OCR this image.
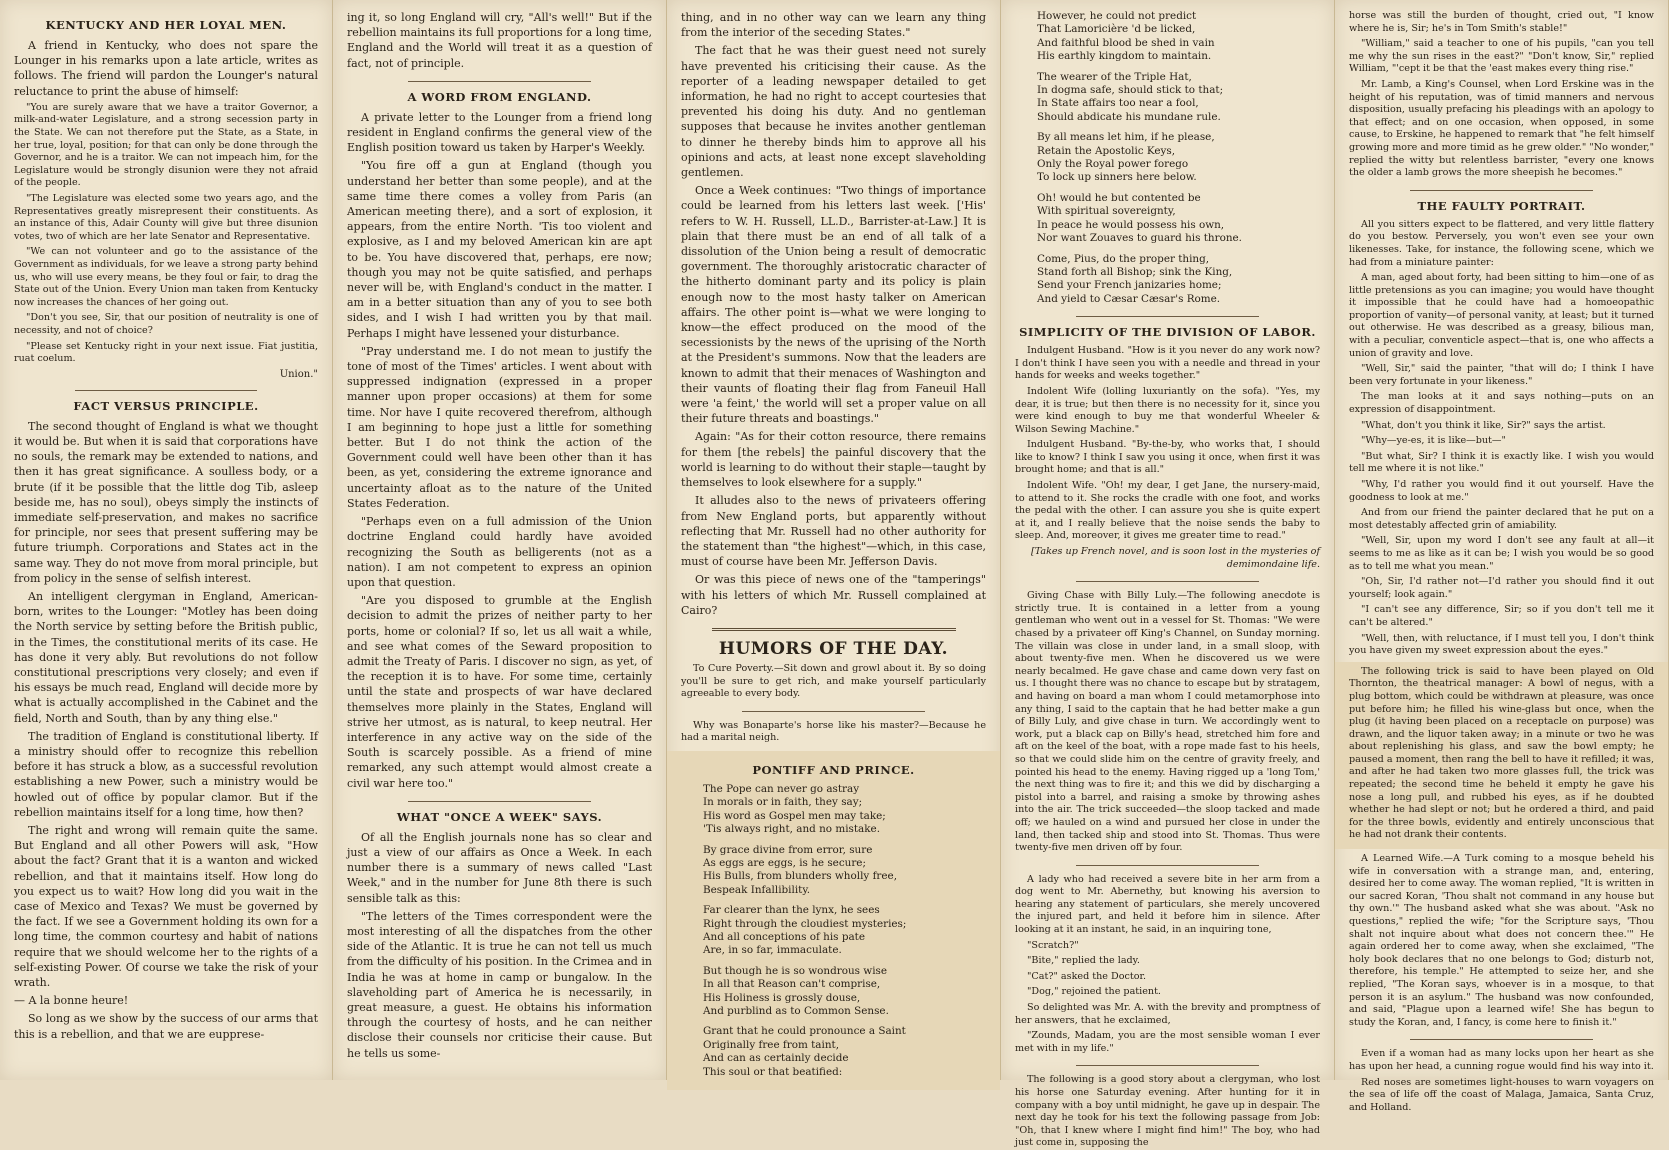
KENTUCKY AND HER LOYAL MEN.

A friend in Kentucky, who does not spare the Lounger in his remarks upon a late article, writes as follows. The friend will pardon the Lounger's natural reluctance to print the abuse of himself:

"You are surely aware that we have a traitor Governor, a milk-and-water Legislature, and a strong secession party in the State. We can not therefore put the State, as a State, in her true, loyal, position; for that can only be done through the Governor, and he is a traitor. We can not impeach him, for the Legislature would be strongly disunion were they not afraid of the people.

"The Legislature was elected some two years ago, and the Representatives greatly misrepresent their constituents. As an instance of this, Adair County will give but three disunion votes, two of which are her late Senator and Representative.

"We can not volunteer and go to the assistance of the Government as individuals, for we leave a strong party behind us, who will use every means, be they foul or fair, to drag the State out of the Union. Every Union man taken from Kentucky now increases the chances of her going out.

"Don't you see, Sir, that our position of neutrality is one of necessity, and not of choice?

"Please set Kentucky right in your next issue. Fiat justitia, ruat coelum.

Union."
FACT VERSUS PRINCIPLE.

The second thought of England is what we thought it would be. But when it is said that corporations have no souls, the remark may be extended to nations, and then it has great significance. A soulless body, or a brute (if it be possible that the little dog Tib, asleep beside me, has no soul), obeys simply the instincts of immediate self-preservation, and makes no sacrifice for principle, nor sees that present suffering may be future triumph. Corporations and States act in the same way. They do not move from moral principle, but from policy in the sense of selfish interest.

An intelligent clergyman in England, American-born, writes to the Lounger: "Motley has been doing the North service by setting before the British public, in the Times, the constitutional merits of its case. He has done it very ably. But revolutions do not follow constitutional prescriptions very closely; and even if his essays be much read, England will decide more by what is actually accomplished in the Cabinet and the field, North and South, than by any thing else."

The tradition of England is constitutional liberty. If a ministry should offer to recognize this rebellion before it has struck a blow, as a successful revolution establishing a new Power, such a ministry would be howled out of office by popular clamor. But if the rebellion maintains itself for a long time, how then?

The right and wrong will remain quite the same. But England and all other Powers will ask, "How about the fact? Grant that it is a wanton and wicked rebellion, and that it maintains itself. How long do you expect us to wait? How long did you wait in the case of Mexico and Texas? We must be governed by the fact. If we see a Government holding its own for a long time, the common courtesy and habit of nations require that we should welcome her to the rights of a self-existing Power. Of course we take the risk of your wrath.

— A la bonne heure!

So long as we show by the success of our arms that this is a rebellion, and that we are eupprese-

ing it, so long England will cry, "All's well!" But if the rebellion maintains its full proportions for a long time, England and the World will treat it as a question of fact, not of principle.

A WORD FROM ENGLAND.

A private letter to the Lounger from a friend long resident in England confirms the general view of the English position toward us taken by Harper's Weekly.

"You fire off a gun at England (though you understand her better than some people), and at the same time there comes a volley from Paris (an American meeting there), and a sort of explosion, it appears, from the entire North. 'Tis too violent and explosive, as I and my beloved American kin are apt to be. You have discovered that, perhaps, ere now; though you may not be quite satisfied, and perhaps never will be, with England's conduct in the matter. I am in a better situation than any of you to see both sides, and I wish I had written you by that mail. Perhaps I might have lessened your disturbance.

"Pray understand me. I do not mean to justify the tone of most of the Times' articles. I went about with suppressed indignation (expressed in a proper manner upon proper occasions) at them for some time. Nor have I quite recovered therefrom, although I am beginning to hope just a little for something better. But I do not think the action of the Government could well have been other than it has been, as yet, considering the extreme ignorance and uncertainty afloat as to the nature of the United States Federation.

"Perhaps even on a full admission of the Union doctrine England could hardly have avoided recognizing the South as belligerents (not as a nation). I am not competent to express an opinion upon that question.

"Are you disposed to grumble at the English decision to admit the prizes of neither party to her ports, home or colonial? If so, let us all wait a while, and see what comes of the Seward proposition to admit the Treaty of Paris. I discover no sign, as yet, of the reception it is to have. For some time, certainly until the state and prospects of war have declared themselves more plainly in the States, England will strive her utmost, as is natural, to keep neutral. Her interference in any active way on the side of the South is scarcely possible. As a friend of mine remarked, any such attempt would almost create a civil war here too."

WHAT "ONCE A WEEK" SAYS.

Of all the English journals none has so clear and just a view of our affairs as Once a Week. In each number there is a summary of news called "Last Week," and in the number for June 8th there is such sensible talk as this:

"The letters of the Times correspondent were the most interesting of all the dispatches from the other side of the Atlantic. It is true he can not tell us much from the difficulty of his position. In the Crimea and in India he was at home in camp or bungalow. In the slaveholding part of America he is necessarily, in great measure, a guest. He obtains his information through the courtesy of hosts, and he can neither disclose their counsels nor criticise their cause. But he tells us some-

thing, and in no other way can we learn any thing from the interior of the seceding States."

The fact that he was their guest need not surely have prevented his criticising their cause. As the reporter of a leading newspaper detailed to get information, he had no right to accept courtesies that prevented his doing his duty. And no gentleman supposes that because he invites another gentleman to dinner he thereby binds him to approve all his opinions and acts, at least none except slaveholding gentlemen.

Once a Week continues: "Two things of importance could be learned from his letters last week. ['His' refers to W. H. Russell, LL.D., Barrister-at-Law.] It is plain that there must be an end of all talk of a dissolution of the Union being a result of democratic government. The thoroughly aristocratic character of the hitherto dominant party and its policy is plain enough now to the most hasty talker on American affairs. The other point is—what we were longing to know—the effect produced on the mood of the secessionists by the news of the uprising of the North at the President's summons. Now that the leaders are known to admit that their menaces of Washington and their vaunts of floating their flag from Faneuil Hall were 'a feint,' the world will set a proper value on all their future threats and boastings."

Again: "As for their cotton resource, there remains for them [the rebels] the painful discovery that the world is learning to do without their staple—taught by themselves to look elsewhere for a supply."

It alludes also to the news of privateers offering from New England ports, but apparently without reflecting that Mr. Russell had no other authority for the statement than "the highest"—which, in this case, must of course have been Mr. Jefferson Davis.

Or was this piece of news one of the "tamperings" with his letters of which Mr. Russell complained at Cairo?

HUMORS OF THE DAY.

To Cure Poverty.—Sit down and growl about it. By so doing you'll be sure to get rich, and make yourself particularly agreeable to every body.

Why was Bonaparte's horse like his master?—Because he had a marital neigh.

PONTIFF AND PRINCE.
The Pope can never go astray
In morals or in faith, they say;
His word as Gospel men may take;
'Tis always right, and no mistake.
By grace divine from error, sure
As eggs are eggs, is he secure;
His Bulls, from blunders wholly free,
Bespeak Infallibility.
Far clearer than the lynx, he sees
Right through the cloudiest mysteries;
And all conceptions of his pate
Are, in so far, immaculate.
But though he is so wondrous wise
In all that Reason can't comprise,
His Holiness is grossly douse,
And purblind as to Common Sense.
Grant that he could pronounce a Saint
Originally free from taint,
And can as certainly decide
This soul or that beatified:
However, he could not predict
That Lamoricière 'd be licked,
And faithful blood be shed in vain
His earthly kingdom to maintain.
The wearer of the Triple Hat,
In dogma safe, should stick to that;
In State affairs too near a fool,
Should abdicate his mundane rule.
By all means let him, if he please,
Retain the Apostolic Keys,
Only the Royal power forego
To lock up sinners here below.
Oh! would he but contented be
With spiritual sovereignty,
In peace he would possess his own,
Nor want Zouaves to guard his throne.
Come, Pius, do the proper thing,
Stand forth all Bishop; sink the King,
Send your French janizaries home;
And yield to Cæsar Cæsar's Rome.
SIMPLICITY OF THE DIVISION OF LABOR.

Indulgent Husband. "How is it you never do any work now? I don't think I have seen you with a needle and thread in your hands for weeks and weeks together."

Indolent Wife (lolling luxuriantly on the sofa). "Yes, my dear, it is true; but then there is no necessity for it, since you were kind enough to buy me that wonderful Wheeler & Wilson Sewing Machine."

Indulgent Husband. "By-the-by, who works that, I should like to know? I think I saw you using it once, when first it was brought home; and that is all."

Indolent Wife. "Oh! my dear, I get Jane, the nursery-maid, to attend to it. She rocks the cradle with one foot, and works the pedal with the other. I can assure you she is quite expert at it, and I really believe that the noise sends the baby to sleep. And, moreover, it gives me greater time to read."

[Takes up French novel, and is soon lost in the mysteries of demimondaine life.

Giving Chase with Billy Luly.—The following anecdote is strictly true. It is contained in a letter from a young gentleman who went out in a vessel for St. Thomas: "We were chased by a privateer off King's Channel, on Sunday morning. The villain was close in under land, in a small sloop, with about twenty-five men. When he discovered us we were nearly becalmed. He gave chase and came down very fast on us. I thought there was no chance to escape but by stratagem, and having on board a man whom I could metamorphose into any thing, I said to the captain that he had better make a gun of Billy Luly, and give chase in turn. We accordingly went to work, put a black cap on Billy's head, stretched him fore and aft on the keel of the boat, with a rope made fast to his heels, so that we could slide him on the centre of gravity freely, and pointed his head to the enemy. Having rigged up a 'long Tom,' the next thing was to fire it; and this we did by discharging a pistol into a barrel, and raising a smoke by throwing ashes into the air. The trick succeeded—the sloop tacked and made off; we hauled on a wind and pursued her close in under the land, then tacked ship and stood into St. Thomas. Thus were twenty-five men driven off by four.

A lady who had received a severe bite in her arm from a dog went to Mr. Abernethy, but knowing his aversion to hearing any statement of particulars, she merely uncovered the injured part, and held it before him in silence. After looking at it an instant, he said, in an inquiring tone,

"Scratch?"

"Bite," replied the lady.

"Cat?" asked the Doctor.

"Dog," rejoined the patient.

So delighted was Mr. A. with the brevity and promptness of her answers, that he exclaimed,

"Zounds, Madam, you are the most sensible woman I ever met with in my life."

The following is a good story about a clergyman, who lost his horse one Saturday evening. After hunting for it in company with a boy until midnight, he gave up in despair. The next day he took for his text the following passage from Job: "Oh, that I knew where I might find him!" The boy, who had just come in, supposing the

horse was still the burden of thought, cried out, "I know where he is, Sir; he's in Tom Smith's stable!"

"William," said a teacher to one of his pupils, "can you tell me why the sun rises in the east?" "Don't know, Sir," replied William, "'cept it be that the 'east makes every thing rise."

Mr. Lamb, a King's Counsel, when Lord Erskine was in the height of his reputation, was of timid manners and nervous disposition, usually prefacing his pleadings with an apology to that effect; and on one occasion, when opposed, in some cause, to Erskine, he happened to remark that "he felt himself growing more and more timid as he grew older." "No wonder," replied the witty but relentless barrister, "every one knows the older a lamb grows the more sheepish he becomes."

THE FAULTY PORTRAIT.

All you sitters expect to be flattered, and very little flattery do you bestow. Perversely, you won't even see your own likenesses. Take, for instance, the following scene, which we had from a miniature painter:

A man, aged about forty, had been sitting to him—one of as little pretensions as you can imagine; you would have thought it impossible that he could have had a homoeopathic proportion of vanity—of personal vanity, at least; but it turned out otherwise. He was described as a greasy, bilious man, with a peculiar, conventicle aspect—that is, one who affects a union of gravity and love.

"Well, Sir," said the painter, "that will do; I think I have been very fortunate in your likeness."

The man looks at it and says nothing—puts on an expression of disappointment.

"What, don't you think it like, Sir?" says the artist.

"Why—ye-es, it is like—but—"

"But what, Sir? I think it is exactly like. I wish you would tell me where it is not like."

"Why, I'd rather you would find it out yourself. Have the goodness to look at me."

And from our friend the painter declared that he put on a most detestably affected grin of amiability.

"Well, Sir, upon my word I don't see any fault at all—it seems to me as like as it can be; I wish you would be so good as to tell me what you mean."

"Oh, Sir, I'd rather not—I'd rather you should find it out yourself; look again."

"I can't see any difference, Sir; so if you don't tell me it can't be altered."

"Well, then, with reluctance, if I must tell you, I don't think you have given my sweet expression about the eyes."

The following trick is said to have been played on Old Thornton, the theatrical manager: A bowl of negus, with a plug bottom, which could be withdrawn at pleasure, was once put before him; he filled his wine-glass but once, when the plug (it having been placed on a receptacle on purpose) was drawn, and the liquor taken away; in a minute or two he was about replenishing his glass, and saw the bowl empty; he paused a moment, then rang the bell to have it refilled; it was, and after he had taken two more glasses full, the trick was repeated; the second time he beheld it empty he gave his nose a long pull, and rubbed his eyes, as if he doubted whether he had slept or not; but he ordered a third, and paid for the three bowls, evidently and entirely unconscious that he had not drank their contents.

A Learned Wife.—A Turk coming to a mosque beheld his wife in conversation with a strange man, and, entering, desired her to come away. The woman replied, "It is written in our sacred Koran, 'Thou shalt not command in any house but thy own.'" The husband asked what she was about. "Ask no questions," replied the wife; "for the Scripture says, 'Thou shalt not inquire about what does not concern thee.'" He again ordered her to come away, when she exclaimed, "The holy book declares that no one belongs to God; disturb not, therefore, his temple." He attempted to seize her, and she replied, "The Koran says, whoever is in a mosque, to that person it is an asylum." The husband was now confounded, and said, "Plague upon a learned wife! She has begun to study the Koran, and, I fancy, is come here to finish it."

Even if a woman had as many locks upon her heart as she has upon her head, a cunning rogue would find his way into it.

Red noses are sometimes light-houses to warn voyagers on the sea of life off the coast of Malaga, Jamaica, Santa Cruz, and Holland.
